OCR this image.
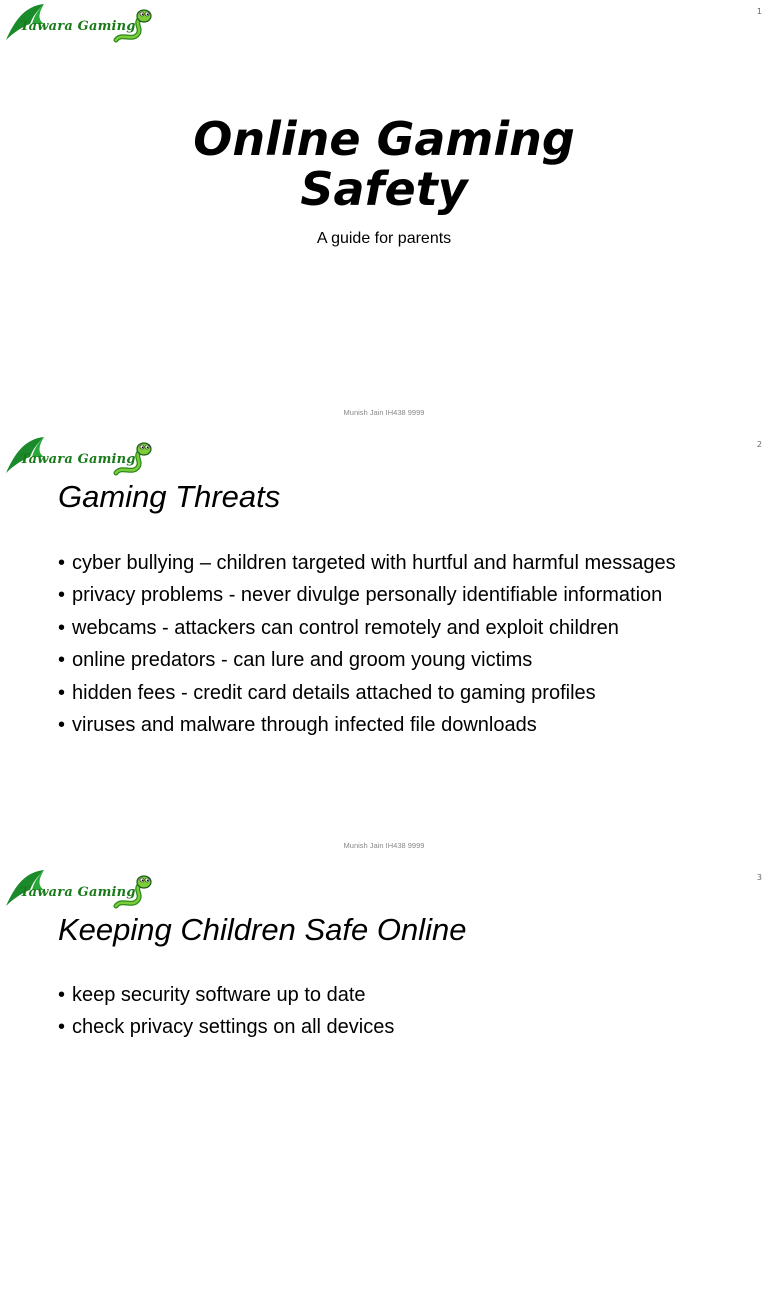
Tawara Gaming
1
Online Gaming
Safety
A guide for parents
Munish Jain IH438 9999
Tawara Gaming
2
Gaming Threats
• cyber bullying – children targeted with hurtful and harmful messages
• privacy problems - never divulge personally identifiable information
• webcams - attackers can control remotely and exploit children
• online predators - can lure and groom young victims
• hidden fees - credit card details attached to gaming profiles
• viruses and malware through infected file downloads
Munish Jain IH438 9999
Tawara Gaming
3
Keeping Children Safe Online
• keep security software up to date
• check privacy settings on all devices
